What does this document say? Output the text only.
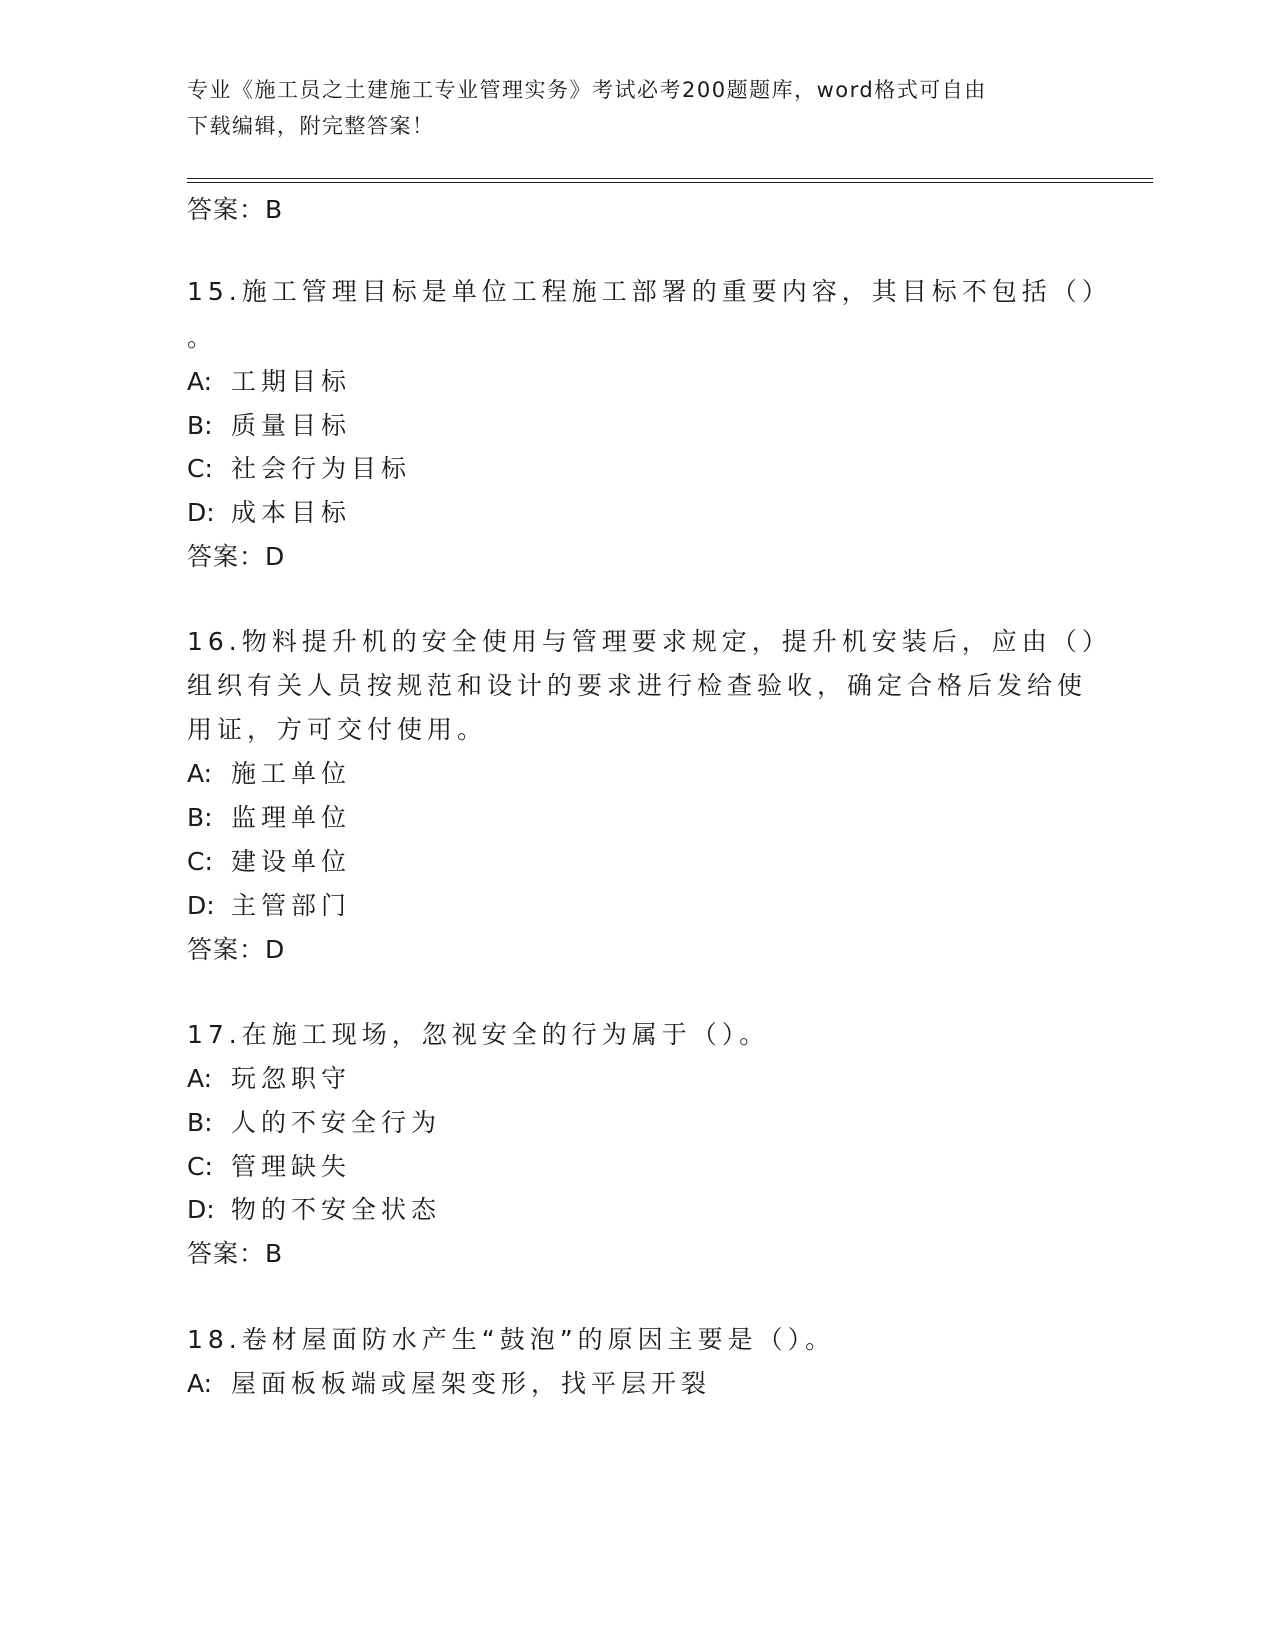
专业《施工员之土建施工专业管理实务》考试必考200题题库，word格式可自由
下载编辑，附完整答案！
答案：B
15.施工管理目标是单位工程施工部署的重要内容，其目标不包括（）
。
A: 工期目标
B: 质量目标
C: 社会行为目标
D: 成本目标
答案：D
16.物料提升机的安全使用与管理要求规定，提升机安装后，应由（）
组织有关人员按规范和设计的要求进行检查验收，确定合格后发给使
用证，方可交付使用。
A: 施工单位
B: 监理单位
C: 建设单位
D: 主管部门
答案：D
17.在施工现场，忽视安全的行为属于（）。
A: 玩忽职守
B: 人的不安全行为
C: 管理缺失
D: 物的不安全状态
答案：B
18.卷材屋面防水产生“鼓泡”的原因主要是（）。
A: 屋面板板端或屋架变形，找平层开裂
